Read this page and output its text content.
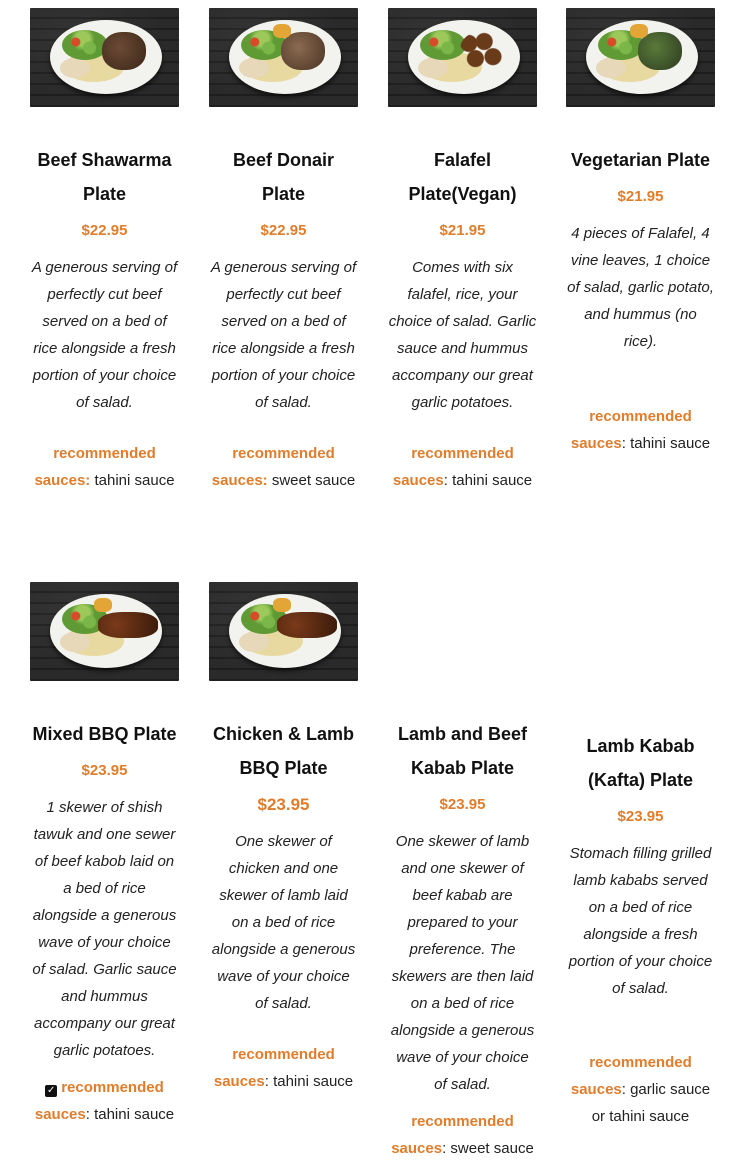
Beef Shawarma Plate
$22.95
A generous serving of perfectly cut beef served on a bed of rice alongside a fresh portion of your choice of salad.
recommended sauces: tahini sauce
Beef Donair Plate
$22.95
A generous serving of perfectly cut beef served on a bed of rice alongside a fresh portion of your choice of salad.
recommended sauces: sweet sauce
Falafel Plate(Vegan)
$21.95
Comes with six falafel, rice, your choice of salad. Garlic sauce and hummus accompany our great garlic potatoes.
recommended sauces: tahini sauce
Vegetarian Plate
$21.95
4 pieces of Falafel, 4 vine leaves, 1 choice of salad, garlic potato, and hummus (no rice).
recommended sauces: tahini sauce
Mixed BBQ Plate
$23.95
1 skewer of shish tawuk and one sewer of beef kabob laid on a bed of rice alongside a generous wave of your choice of salad. Garlic sauce and hummus accompany our great garlic potatoes.
✓ recommended sauces: tahini sauce
Chicken & Lamb BBQ Plate
$23.95
One skewer of chicken and one skewer of lamb laid on a bed of rice alongside a generous wave of your choice of salad.
recommended sauces: tahini sauce
Lamb and Beef Kabab Plate
$23.95
One skewer of lamb and one skewer of beef kabab are prepared to your preference. The skewers are then laid on a bed of rice alongside a generous wave of your choice of salad.
recommended sauces: sweet sauce
Lamb Kabab (Kafta) Plate
$23.95
Stomach filling grilled lamb kababs served on a bed of rice alongside a fresh portion of your choice of salad.
recommended sauces: garlic sauce or tahini sauce
